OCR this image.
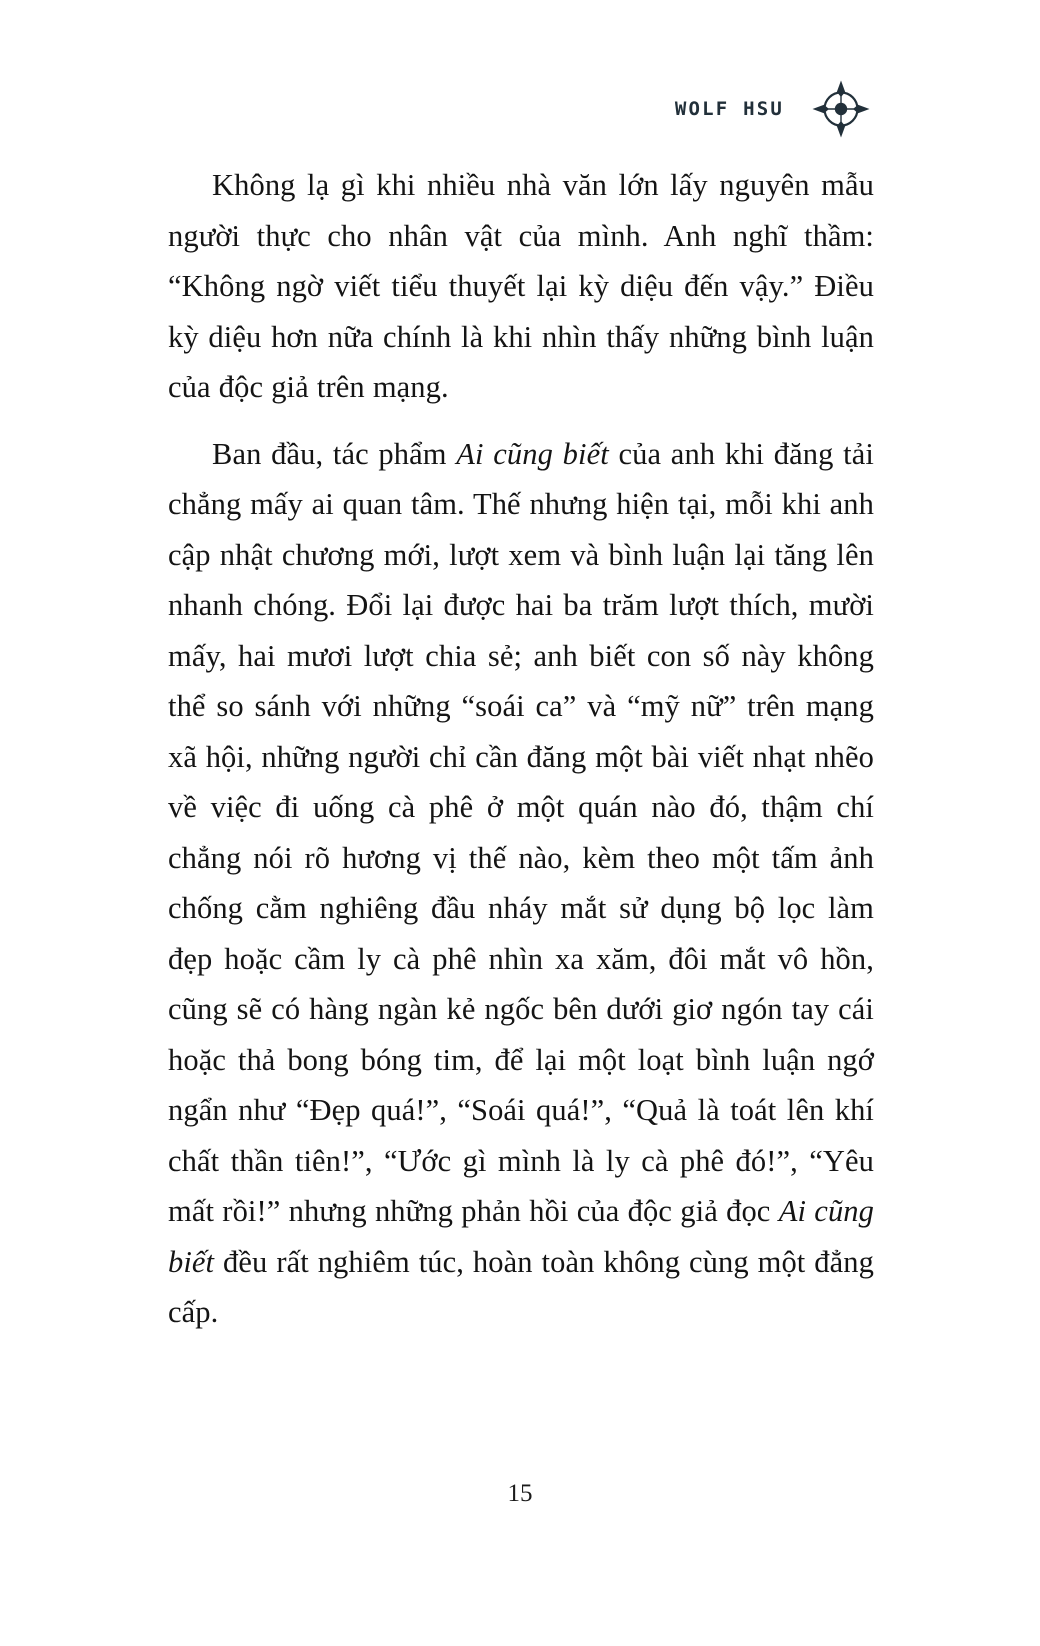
WOLF HSU

Không lạ gì khi nhiều nhà văn lớn lấy nguyên mẫu người thực cho nhân vật của mình. Anh nghĩ thầm: “Không ngờ viết tiểu thuyết lại kỳ diệu đến vậy.” Điều kỳ diệu hơn nữa chính là khi nhìn thấy những bình luận của độc giả trên mạng.

Ban đầu, tác phẩm Ai cũng biết của anh khi đăng tải chẳng mấy ai quan tâm. Thế nhưng hiện tại, mỗi khi anh cập nhật chương mới, lượt xem và bình luận lại tăng lên nhanh chóng. Đổi lại được hai ba trăm lượt thích, mười mấy, hai mươi lượt chia sẻ; anh biết con số này không thể so sánh với những “soái ca” và “mỹ nữ” trên mạng xã hội, những người chỉ cần đăng một bài viết nhạt nhẽo về việc đi uống cà phê ở một quán nào đó, thậm chí chẳng nói rõ hương vị thế nào, kèm theo một tấm ảnh chống cằm nghiêng đầu nháy mắt sử dụng bộ lọc làm đẹp hoặc cầm ly cà phê nhìn xa xăm, đôi mắt vô hồn, cũng sẽ có hàng ngàn kẻ ngốc bên dưới giơ ngón tay cái hoặc thả bong bóng tim, để lại một loạt bình luận ngớ ngẩn như “Đẹp quá!”, “Soái quá!”, “Quả là toát lên khí chất thần tiên!”, “Ước gì mình là ly cà phê đó!”, “Yêu mất rồi!” nhưng những phản hồi của độc giả đọc Ai cũng biết đều rất nghiêm túc, hoàn toàn không cùng một đẳng cấp.

15
